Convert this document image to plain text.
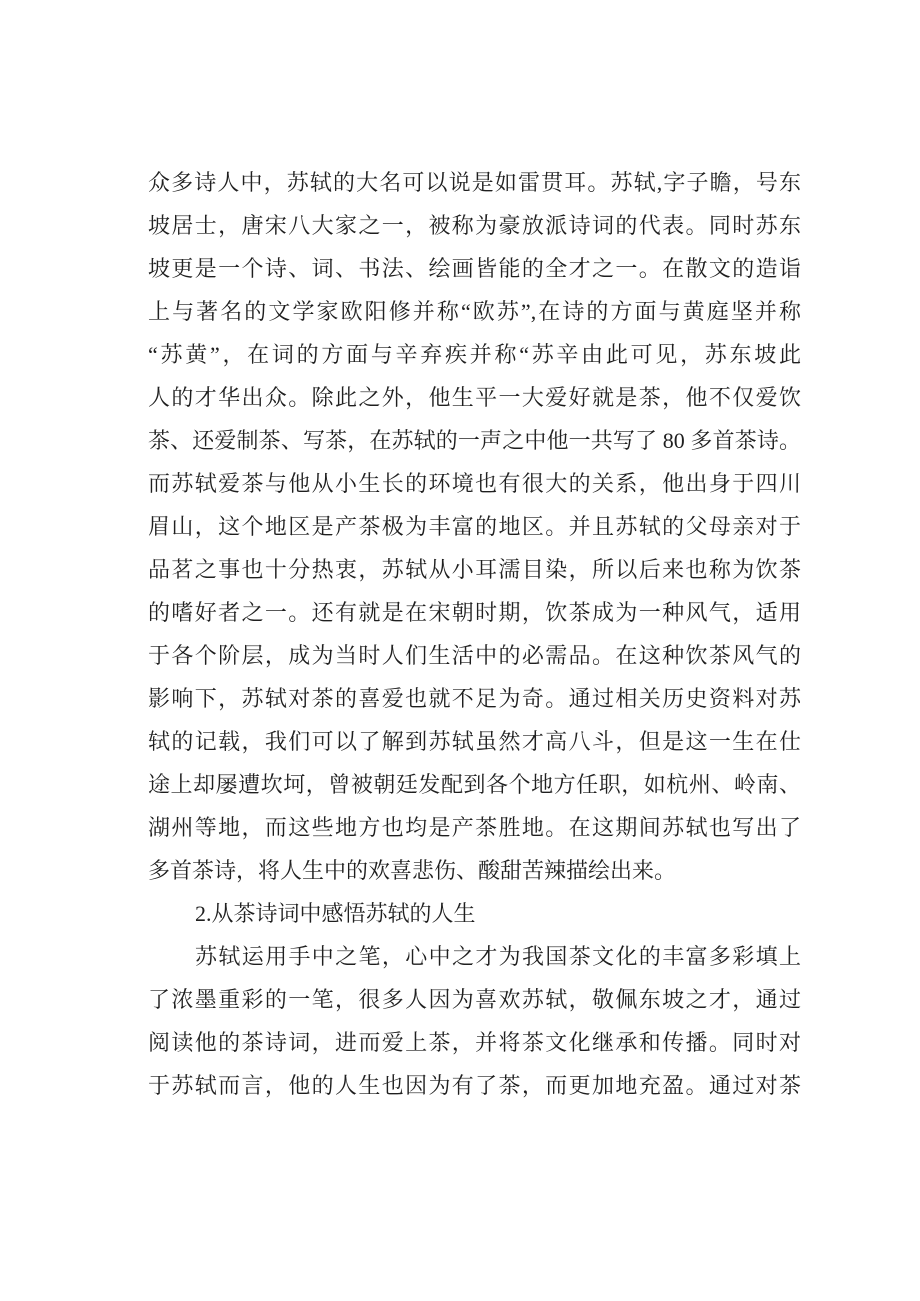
众多诗人中，苏轼的大名可以说是如雷贯耳。苏轼,字子瞻，号东
坡居士，唐宋八大家之一，被称为豪放派诗词的代表。同时苏东
坡更是一个诗、词、书法、绘画皆能的全才之一。在散文的造诣
上与著名的文学家欧阳修并称“欧苏”,在诗的方面与黄庭坚并称
“苏黄”，在词的方面与辛弃疾并称“苏辛由此可见，苏东坡此
人的才华出众。除此之外，他生平一大爱好就是茶，他不仅爱饮
茶、还爱制茶、写茶，在苏轼的一声之中他一共写了 80 多首茶诗。
而苏轼爱茶与他从小生长的环境也有很大的关系，他出身于四川
眉山，这个地区是产茶极为丰富的地区。并且苏轼的父母亲对于
品茗之事也十分热衷，苏轼从小耳濡目染，所以后来也称为饮茶
的嗜好者之一。还有就是在宋朝时期，饮茶成为一种风气，适用
于各个阶层，成为当时人们生活中的必需品。在这种饮茶风气的
影响下，苏轼对茶的喜爱也就不足为奇。通过相关历史资料对苏
轼的记载，我们可以了解到苏轼虽然才高八斗，但是这一生在仕
途上却屡遭坎坷，曾被朝廷发配到各个地方任职，如杭州、岭南、
湖州等地，而这些地方也均是产茶胜地。在这期间苏轼也写出了
多首茶诗，将人生中的欢喜悲伤、酸甜苦辣描绘出来。
2.从茶诗词中感悟苏轼的人生
苏轼运用手中之笔，心中之才为我国茶文化的丰富多彩填上
了浓墨重彩的一笔，很多人因为喜欢苏轼，敬佩东坡之才，通过
阅读他的茶诗词，进而爱上茶，并将茶文化继承和传播。同时对
于苏轼而言，他的人生也因为有了茶，而更加地充盈。通过对茶
